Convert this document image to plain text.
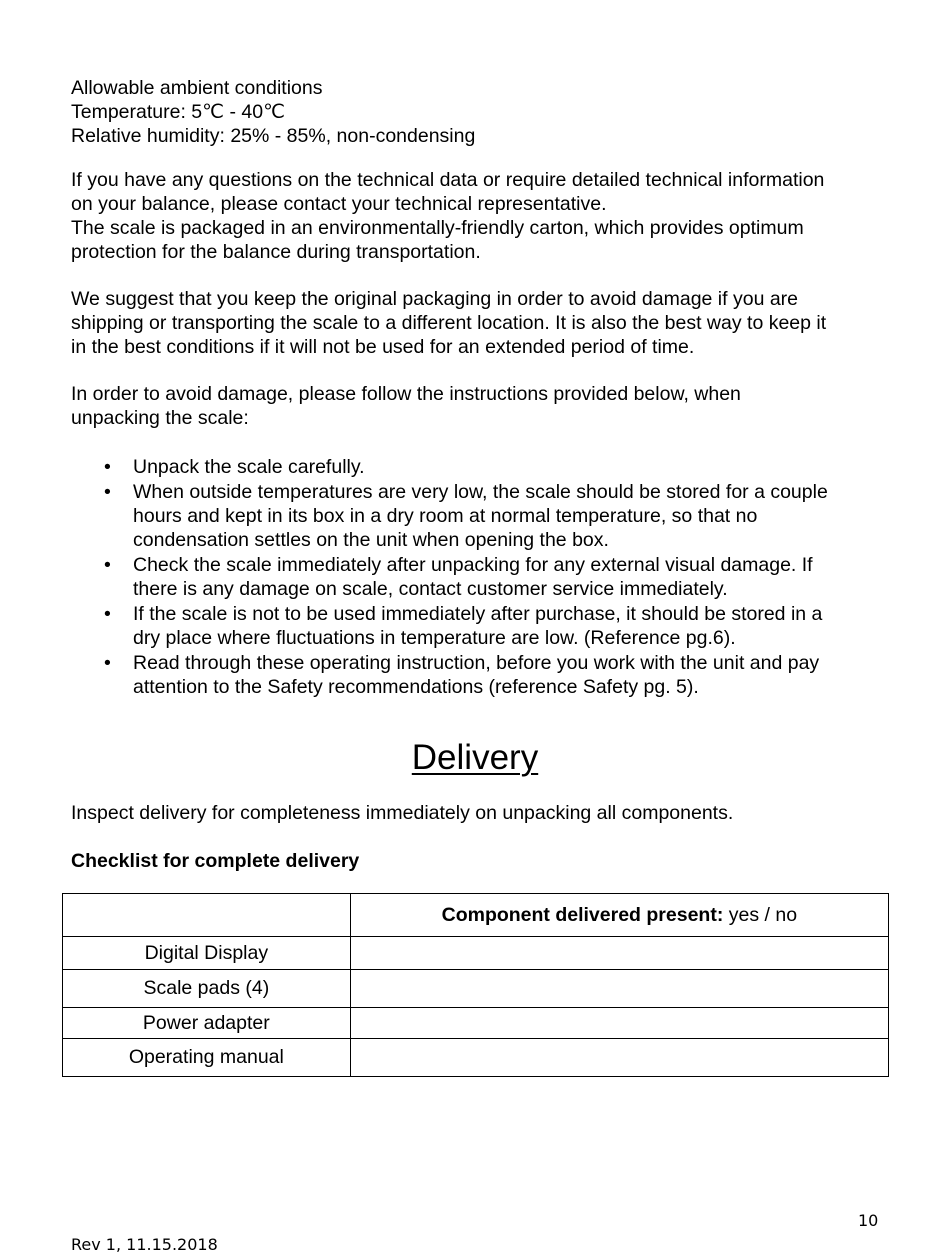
Allowable ambient conditions
Temperature: 5℃ - 40℃
Relative humidity: 25% - 85%, non-condensing
If you have any questions on the technical data or require detailed technical information
on your balance, please contact your technical representative.
The scale is packaged in an environmentally-friendly carton, which provides optimum
protection for the balance during transportation.
We suggest that you keep the original packaging in order to avoid damage if you are
shipping or transporting the scale to a different location. It is also the best way to keep it
in the best conditions if it will not be used for an extended period of time.
In order to avoid damage, please follow the instructions provided below, when
unpacking the scale:
• Unpack the scale carefully.
• When outside temperatures are very low, the scale should be stored for a couple
hours and kept in its box in a dry room at normal temperature, so that no
condensation settles on the unit when opening the box.
• Check the scale immediately after unpacking for any external visual damage. If
there is any damage on scale, contact customer service immediately.
• If the scale is not to be used immediately after purchase, it should be stored in a
dry place where fluctuations in temperature are low. (Reference pg.6).
• Read through these operating instruction, before you work with the unit and pay
attention to the Safety recommendations (reference Safety pg. 5).
Delivery
Inspect delivery for completeness immediately on unpacking all components.
Checklist for complete delivery
	Component delivered present: yes / no
Digital Display	
Scale pads (4)	
Power adapter	
Operating manual	
10
Rev 1, 11.15.2018
